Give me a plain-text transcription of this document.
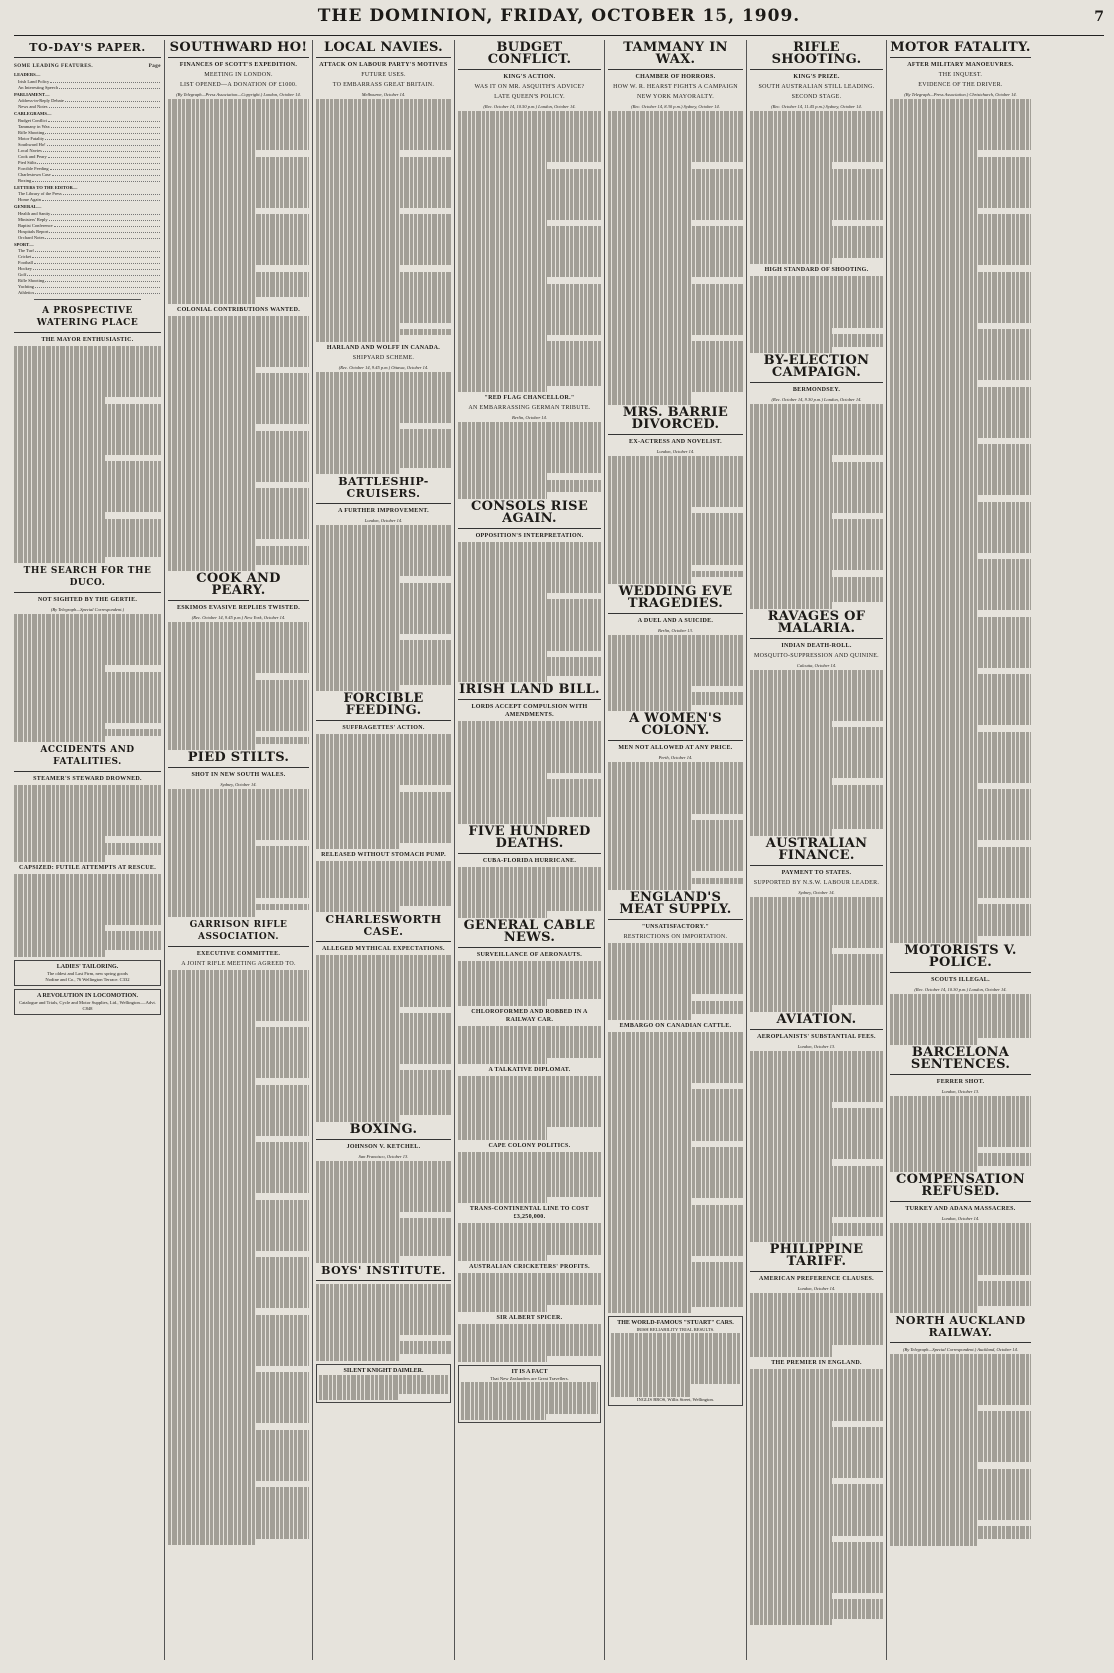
THE DOMINION, FRIDAY, OCTOBER 15, 1909.	7
TO-DAY'S PAPER.
SOME LEADING FEATURES.	Page
LEADERS—
Irish Land Policy
An Interesting Speech
PARLIAMENT—
Address-in-Reply Debate
News and Notes
CABLEGRAMS—
Budget Conflict
Tammany in Wax
Rifle Shooting
Motor Fatality
Southward Ho!
Local Navies
Cook and Peary
Pied Stilts
Forcible Feeding
Charlestown Case
Boxing
LETTERS TO THE EDITOR—
The Library of the Press
Home Again
GENERAL—
Health and Sanity
Ministers' Reply
Baptist Conference
Hospitals Report
Orchard Notes
SPORT—
The Turf
Cricket
Football
Hockey
Golf
Rifle Shooting
Yachting
Athletics
A PROSPECTIVE WATERING PLACE
THE MAYOR ENTHUSIASTIC.
THE SEARCH FOR THE DUCO.
NOT SIGHTED BY THE GERTIE.
(By Telegraph—Special Correspondent.)
ACCIDENTS AND FATALITIES.
STEAMER'S STEWARD DROWNED.
CAPSIZED: FUTILE ATTEMPTS AT RESCUE.
LADIES' TAILORING.
The oldest and Last Firm, new spring goods
Nodine and Co., 76 Wellington Terrace. C332
A REVOLUTION IN LOCOMOTION.
Catalogue and Trials, Cycle and Motor Supplies, Ltd., Wellington.—Advt. C848
SOUTHWARD HO!
FINANCES OF SCOTT'S EXPEDITION.
MEETING IN LONDON.
LIST OPENED—A DONATION OF £1000.
(By Telegraph—Press Association—Copyright.) London, October 14.
COLONIAL CONTRIBUTIONS WANTED.
COOK AND PEARY.
ESKIMOS EVASIVE REPLIES TWISTED.
(Rec. October 14, 9.45 p.m.) New York, October 14.
PIED STILTS.
SHOT IN NEW SOUTH WALES.
Sydney, October 14.
GARRISON RIFLE ASSOCIATION.
EXECUTIVE COMMITTEE.
A JOINT RIFLE MEETING AGREED TO.
LOCAL NAVIES.
ATTACK ON LABOUR PARTY'S MOTIVES
FUTURE USES.
TO EMBARRASS GREAT BRITAIN.
Melbourne, October 14.
HARLAND AND WOLFF IN CANADA.
SHIPYARD SCHEME.
(Rec. October 14, 9.45 p.m.) Ottawa, October 14.
BATTLESHIP-CRUISERS.
A FURTHER IMPROVEMENT.
London, October 14.
FORCIBLE FEEDING.
SUFFRAGETTES' ACTION.
RELEASED WITHOUT STOMACH PUMP.
CHARLESWORTH CASE.
ALLEGED MYTHICAL EXPECTATIONS.
BOXING.
JOHNSON V. KETCHEL.
San Francisco, October 13.
BOYS' INSTITUTE.
SILENT KNIGHT DAIMLER.
BUDGET CONFLICT.
KING'S ACTION.
WAS IT ON MR. ASQUITH'S ADVICE?
LATE QUEEN'S POLICY.
(Rec. October 14, 10.50 p.m.) London, October 14.
"RED FLAG CHANCELLOR."
AN EMBARRASSING GERMAN TRIBUTE.
Berlin, October 14.
CONSOLS RISE AGAIN.
OPPOSITION'S INTERPRETATION.
IRISH LAND BILL.
LORDS ACCEPT COMPULSION WITH AMENDMENTS.
FIVE HUNDRED DEATHS.
CUBA-FLORIDA HURRICANE.
GENERAL CABLE NEWS.
SURVEILLANCE OF AERONAUTS.
CHLOROFORMED AND ROBBED IN A RAILWAY CAR.
A TALKATIVE DIPLOMAT.
CAPE COLONY POLITICS.
TRANS-CONTINENTAL LINE TO COST £3,250,000.
AUSTRALIAN CRICKETERS' PROFITS.
SIR ALBERT SPICER.
IT IS A FACT
That New Zealanders are Great Travellers.
TAMMANY IN WAX.
CHAMBER OF HORRORS.
HOW W. R. HEARST FIGHTS A CAMPAIGN
NEW YORK MAYORALTY.
(Rec. October 14, 8.30 p.m.) Sydney, October 14.
MRS. BARRIE DIVORCED.
EX-ACTRESS AND NOVELIST.
London, October 14.
WEDDING EVE TRAGEDIES.
A DUEL AND A SUICIDE.
Berlin, October 13.
A WOMEN'S COLONY.
MEN NOT ALLOWED AT ANY PRICE.
Perth, October 14.
ENGLAND'S MEAT SUPPLY.
"UNSATISFACTORY."
RESTRICTIONS ON IMPORTATION.
EMBARGO ON CANADIAN CATTLE.
THE WORLD-FAMOUS "STUART" CARS.
IRISH RELIABILITY TRIAL RESULTS.
INGLIS BROS, Willis Street, Wellington.
RIFLE SHOOTING.
KING'S PRIZE.
SOUTH AUSTRALIAN STILL LEADING.
SECOND STAGE.
(Rec. October 14, 11.45 p.m.) Sydney, October 14.
HIGH STANDARD OF SHOOTING.
BY-ELECTION CAMPAIGN.
BERMONDSEY.
(Rec. October 14, 9.30 p.m.) London, October 14.
RAVAGES OF MALARIA.
INDIAN DEATH-ROLL.
MOSQUITO-SUPPRESSION AND QUININE.
Calcutta, October 14.
AUSTRALIAN FINANCE.
PAYMENT TO STATES.
SUPPORTED BY N.S.W. LABOUR LEADER.
Sydney, October 14.
AVIATION.
AEROPLANISTS' SUBSTANTIAL FEES.
London, October 13.
PHILIPPINE TARIFF.
AMERICAN PREFERENCE CLAUSES.
London, October 14.
THE PREMIER IN ENGLAND.
MOTOR FATALITY.
AFTER MILITARY MANOEUVRES.
THE INQUEST.
EVIDENCE OF THE DRIVER.
(By Telegraph—Press Association.) Christchurch, October 14.
MOTORISTS V. POLICE.
SCOUTS ILLEGAL.
(Rec. October 14, 10.30 p.m.) London, October 14.
BARCELONA SENTENCES.
FERRER SHOT.
London, October 13.
COMPENSATION REFUSED.
TURKEY AND ADANA MASSACRES.
London, October 14.
NORTH AUCKLAND RAILWAY.
(By Telegraph—Special Correspondent.) Auckland, October 14.
